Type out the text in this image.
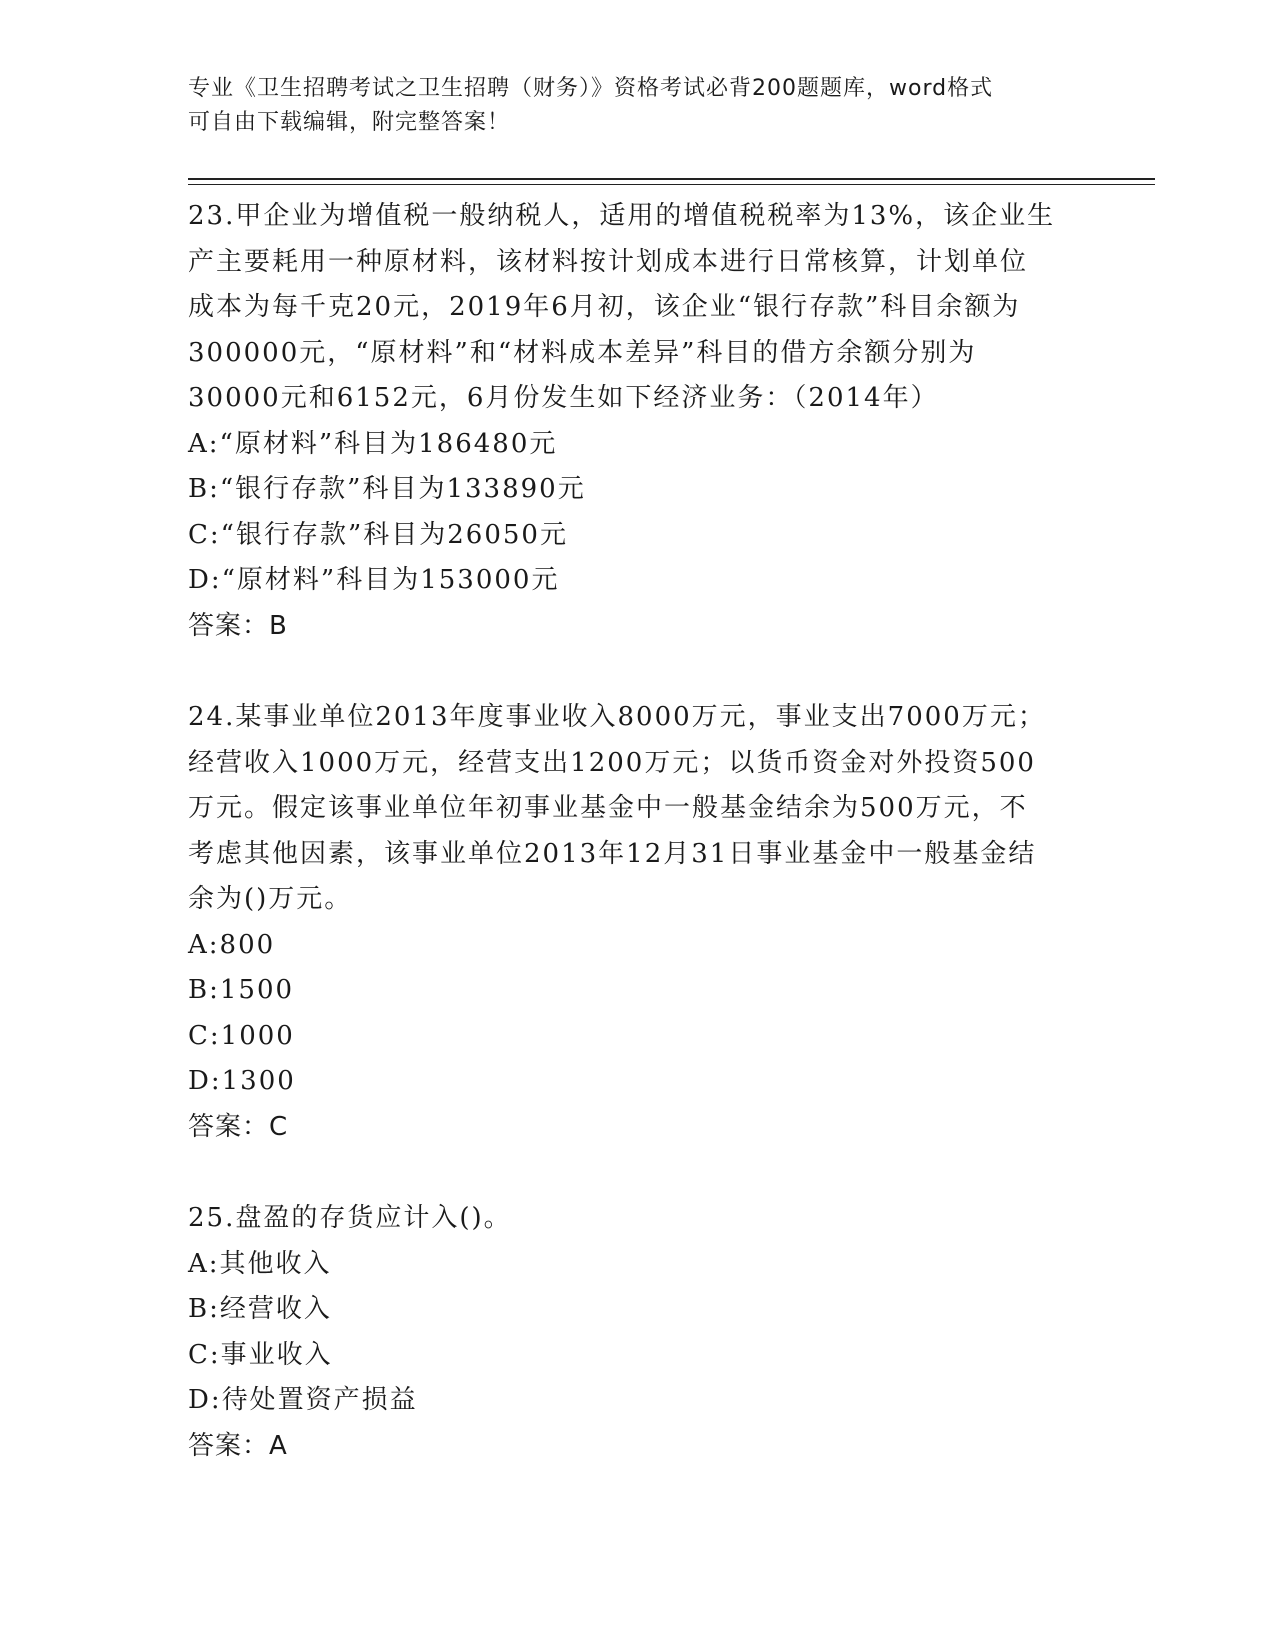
专业《卫生招聘考试之卫生招聘（财务）》资格考试必背200题题库，word格式
可自由下载编辑，附完整答案！
23.甲企业为增值税一般纳税人，适用的增值税税率为13%，该企业生
产主要耗用一种原材料，该材料按计划成本进行日常核算，计划单位
成本为每千克20元，2019年6月初，该企业“银行存款”科目余额为
300000元，“原材料”和“材料成本差异”科目的借方余额分别为
30000元和6152元，6月份发生如下经济业务：（2014年）
A:“原材料”科目为186480元
B:“银行存款”科目为133890元
C:“银行存款”科目为26050元
D:“原材料”科目为153000元
答案：B
24.某事业单位2013年度事业收入8000万元，事业支出7000万元；
经营收入1000万元，经营支出1200万元；以货币资金对外投资500
万元。假定该事业单位年初事业基金中一般基金结余为500万元，不
考虑其他因素，该事业单位2013年12月31日事业基金中一般基金结
余为()万元。
A:800
B:1500
C:1000
D:1300
答案：C
25.盘盈的存货应计入()。
A:其他收入
B:经营收入
C:事业收入
D:待处置资产损益
答案：A
